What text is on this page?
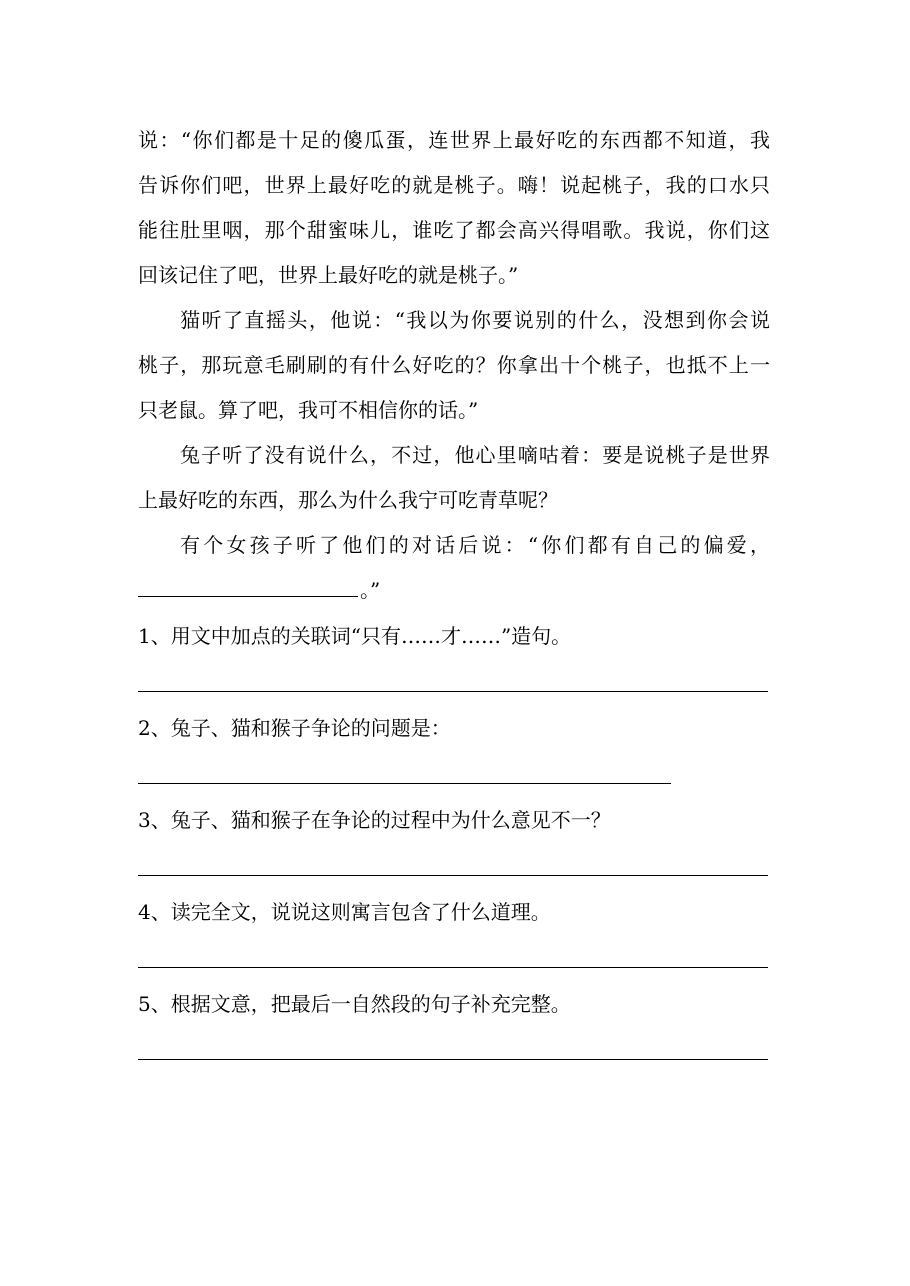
说：“你们都是十足的傻瓜蛋，连世界上最好吃的东西都不知道，我
告诉你们吧，世界上最好吃的就是桃子。嗨！说起桃子，我的口水只
能往肚里咽，那个甜蜜味儿，谁吃了都会高兴得唱歌。我说，你们这
回该记住了吧，世界上最好吃的就是桃子。”
猫听了直摇头，他说：“我以为你要说别的什么，没想到你会说
桃子，那玩意毛刷刷的有什么好吃的？你拿出十个桃子，也抵不上一
只老鼠。算了吧，我可不相信你的话。”
兔子听了没有说什么，不过，他心里嘀咕着：要是说桃子是世界
上最好吃的东西，那么为什么我宁可吃青草呢？
有个女孩子听了他们的对话后说：“你们都有自己的偏爱，
。”
1、用文中加点的关联词“只有……才……”造句。
2、兔子、猫和猴子争论的问题是：
3、兔子、猫和猴子在争论的过程中为什么意见不一？
4、读完全文，说说这则寓言包含了什么道理。
5、根据文意，把最后一自然段的句子补充完整。
